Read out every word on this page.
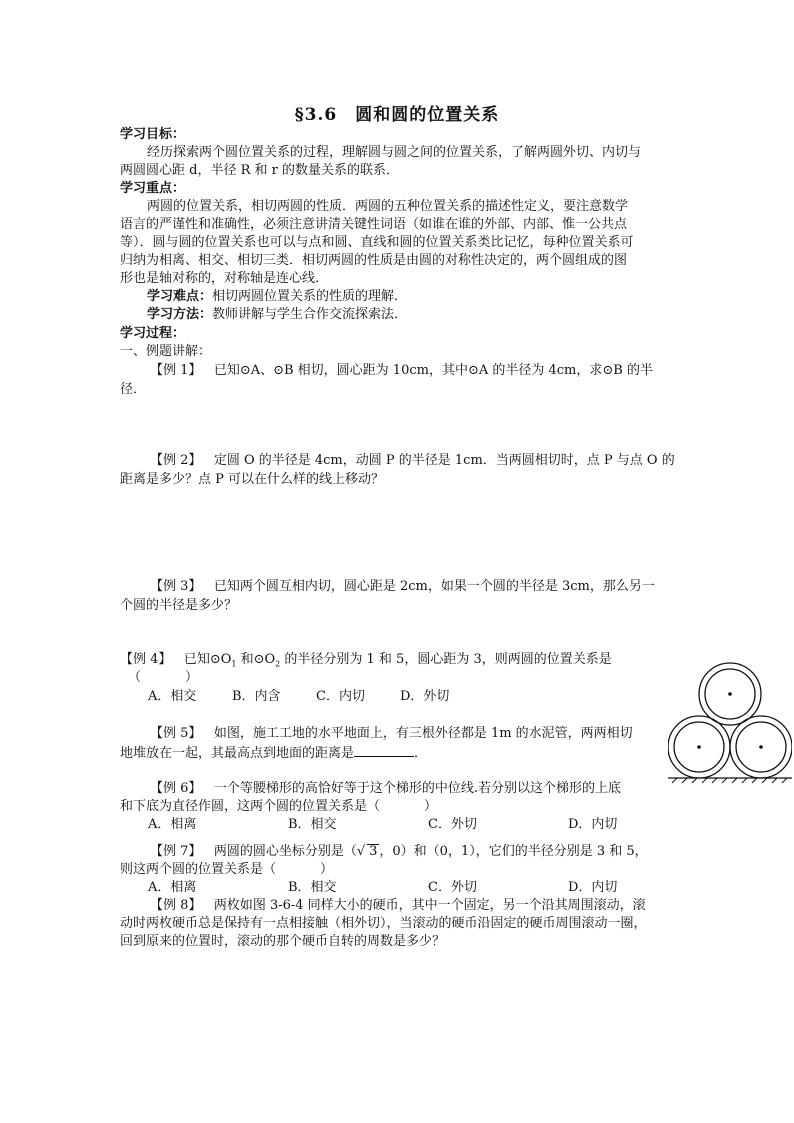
§3.6　圆和圆的位置关系
学习目标：
经历探索两个圆位置关系的过程，理解圆与圆之间的位置关系，了解两圆外切、内切与
两圆圆心距 d，半径 R 和 r 的数量关系的联系．
学习重点：
两圆的位置关系，相切两圆的性质．两圆的五种位置关系的描述性定义，要注意数学
语言的严谨性和准确性，必须注意讲清关键性词语（如谁在谁的外部、内部、惟一公共点
等）．圆与圆的位置关系也可以与点和圆、直线和圆的位置关系类比记忆，每种位置关系可
归纳为相离、相交、相切三类．相切两圆的性质是由圆的对称性决定的，两个圆组成的图
形也是轴对称的，对称轴是连心线．
学习难点：相切两圆位置关系的性质的理解．
学习方法：教师讲解与学生合作交流探索法．
学习过程：
一、例题讲解：
【例 1】 已知⊙A、⊙B 相切，圆心距为 10cm，其中⊙A 的半径为 4cm，求⊙B 的半
径．
【例 2】 定圆 O 的半径是 4cm，动圆 P 的半径是 1cm．当两圆相切时，点 P 与点 O 的
距离是多少？点 P 可以在什么样的线上移动？
【例 3】 已知两个圆互相内切，圆心距是 2cm，如果一个圆的半径是 3cm，那么另一
个圆的半径是多少？
【例 4】 已知$⊙O_1$ 和$⊙O_2$ 的半径分别为 1 和 5，圆心距为 3，则两圆的位置关系是
（	）
A．相交	B．内含	C．内切	D．外切
【例 5】 如图，施工工地的水平地面上，有三根外径都是 1m 的水泥管，两两相切
地堆放在一起，其最高点到地面的距离是	．
【例 6】 一个等腰梯形的高恰好等于这个梯形的中位线.若分别以这个梯形的上底
和下底为直径作圆，这两个圆的位置关系是（	）
A．相离	B．相交	C．外切	D．内切
【例 7】 两圆的圆心坐标分别是（√ 3 ，0）和（0，1），它们的半径分别是 3 和 5，
则这两个圆的位置关系是（	）
A．相离	B．相交	C．外切	D．内切
【例 8】 两枚如图 3-6-4 同样大小的硬币，其中一个固定，另一个沿其周围滚动，滚
动时两枚硬币总是保持有一点相接触（相外切），当滚动的硬币沿固定的硬币周围滚动一圈，
回到原来的位置时，滚动的那个硬币自转的周数是多少？
